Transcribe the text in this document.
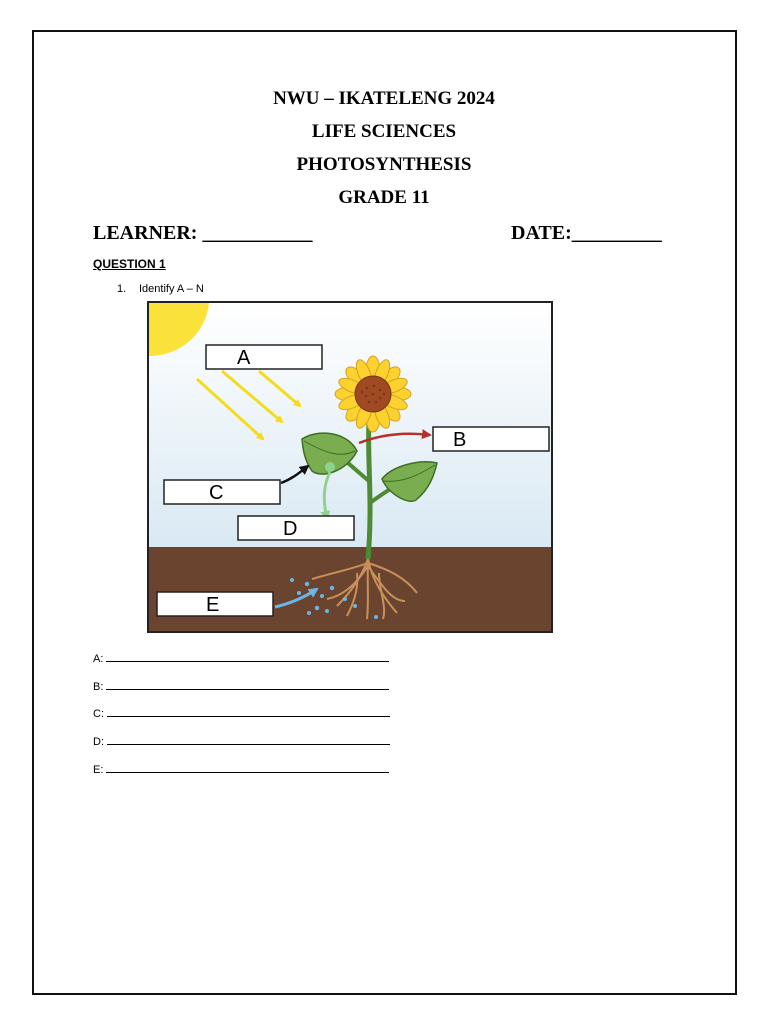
NWU – IKATELENG 2024
LIFE SCIENCES
PHOTOSYNTHESIS
GRADE 11
LEARNER: ___________	DATE:_________
QUESTION 1
1. Identify A – N
A
B
C
D
E
A:
B:
C:
D:
E:
